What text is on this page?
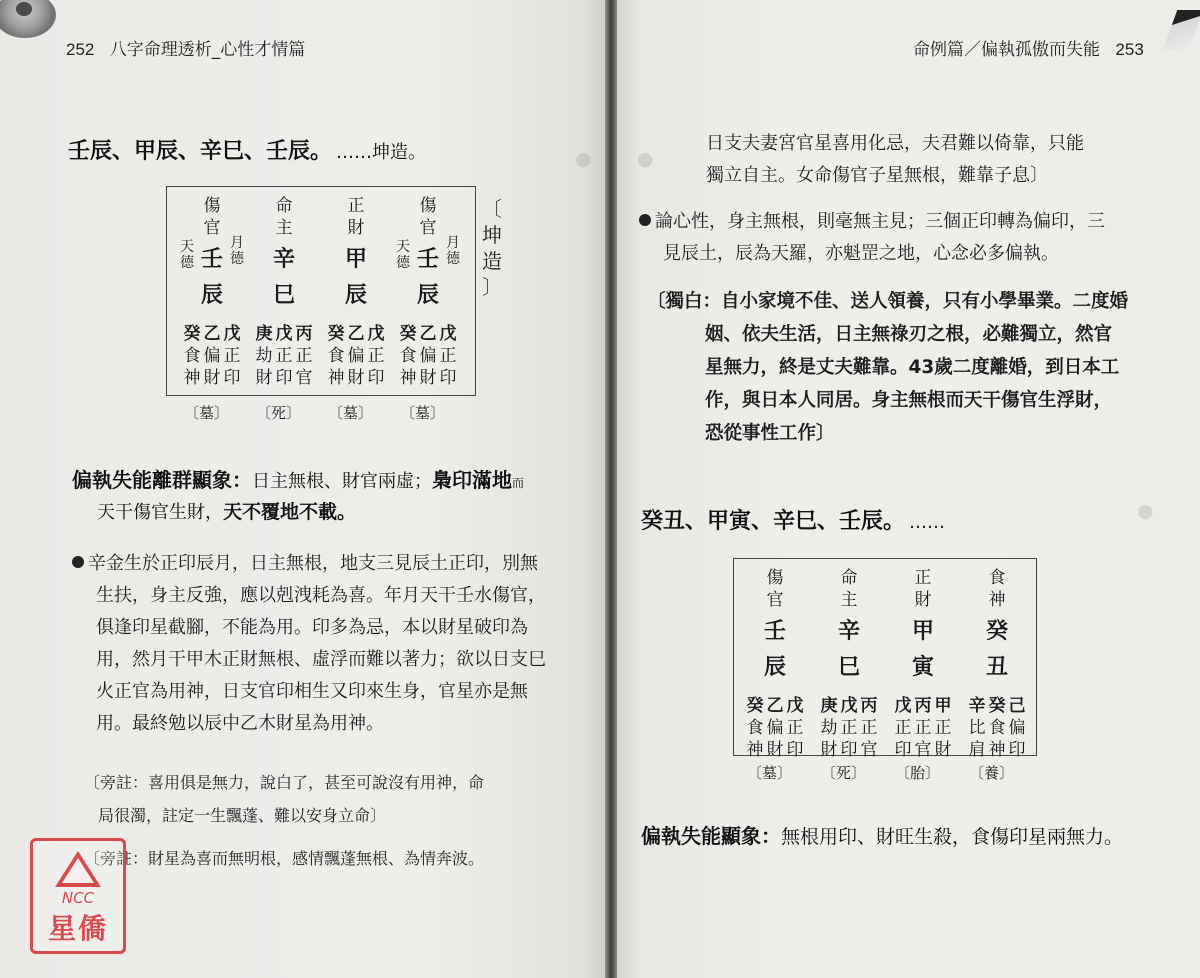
●
252 八字命理透析_心性才情篇
壬辰、甲辰、辛巳、壬辰。 ……坤造。
傷
官
壬
辰
天
德
月
德
癸
食
神
乙
偏
財
戊
正
印
命
主
辛
巳
庚
劫
財
戊
正
印
丙
正
官
正
財
甲
辰
癸
食
神
乙
偏
財
戊
正
印
傷
官
壬
辰
天
德
月
德
癸
食
神
乙
偏
財
戊
正
印
〔
坤
造
〕
偏執失能離群顯象：日主無根、財官兩虛；梟印滿地而
天干傷官生財，天不覆地不載。
辛金生於正印辰月，日主無根，地支三見辰土正印，別無
生扶，身主反強，應以剋洩耗為喜。年月天干壬水傷官，
俱逢印星截腳，不能為用。印多為忌，本以財星破印為
用，然月干甲木正財無根、虛浮而難以著力；欲以日支巳
火正官為用神，日支官印相生又印來生身，官星亦是無
用。最終勉以辰中乙木財星為用神。
〔旁註：喜用俱是無力，說白了，甚至可說沒有用神，命
局很濁，註定一生飄蓬、難以安身立命〕
〔旁註：財星為喜而無明根，感情飄蓬無根、為情奔波。
NCC
星僑
〔墓〕 〔死〕 〔墓〕 〔墓〕
●
●
命例篇／偏執孤傲而失能 253
日支夫妻宮官星喜用化忌，夫君難以倚靠，只能
獨立自主。女命傷官子星無根，難靠子息〕
論心性，身主無根，則毫無主見；三個正印轉為偏印，三
見辰土，辰為天羅，亦魁罡之地，心念必多偏執。
〔獨白：自小家境不佳、送人領養，只有小學畢業。二度婚
姻、依夫生活，日主無祿刃之根，必難獨立，然官
星無力，終是丈夫難靠。43歲二度離婚，到日本工
作，與日本人同居。身主無根而天干傷官生浮財，
恐從事性工作〕
癸丑、甲寅、辛巳、壬辰。 ……
傷
官
壬
辰
癸
食
神
乙
偏
財
戊
正
印
命
主
辛
巳
庚
劫
財
戊
正
印
丙
正
官
正
財
甲
寅
戊
正
印
丙
正
官
甲
正
財
食
神
癸
丑
辛
比
肩
癸
食
神
己
偏
印
偏執失能顯象：無根用印、財旺生殺，食傷印星兩無力。
〔墓〕 〔死〕 〔胎〕 〔養〕
